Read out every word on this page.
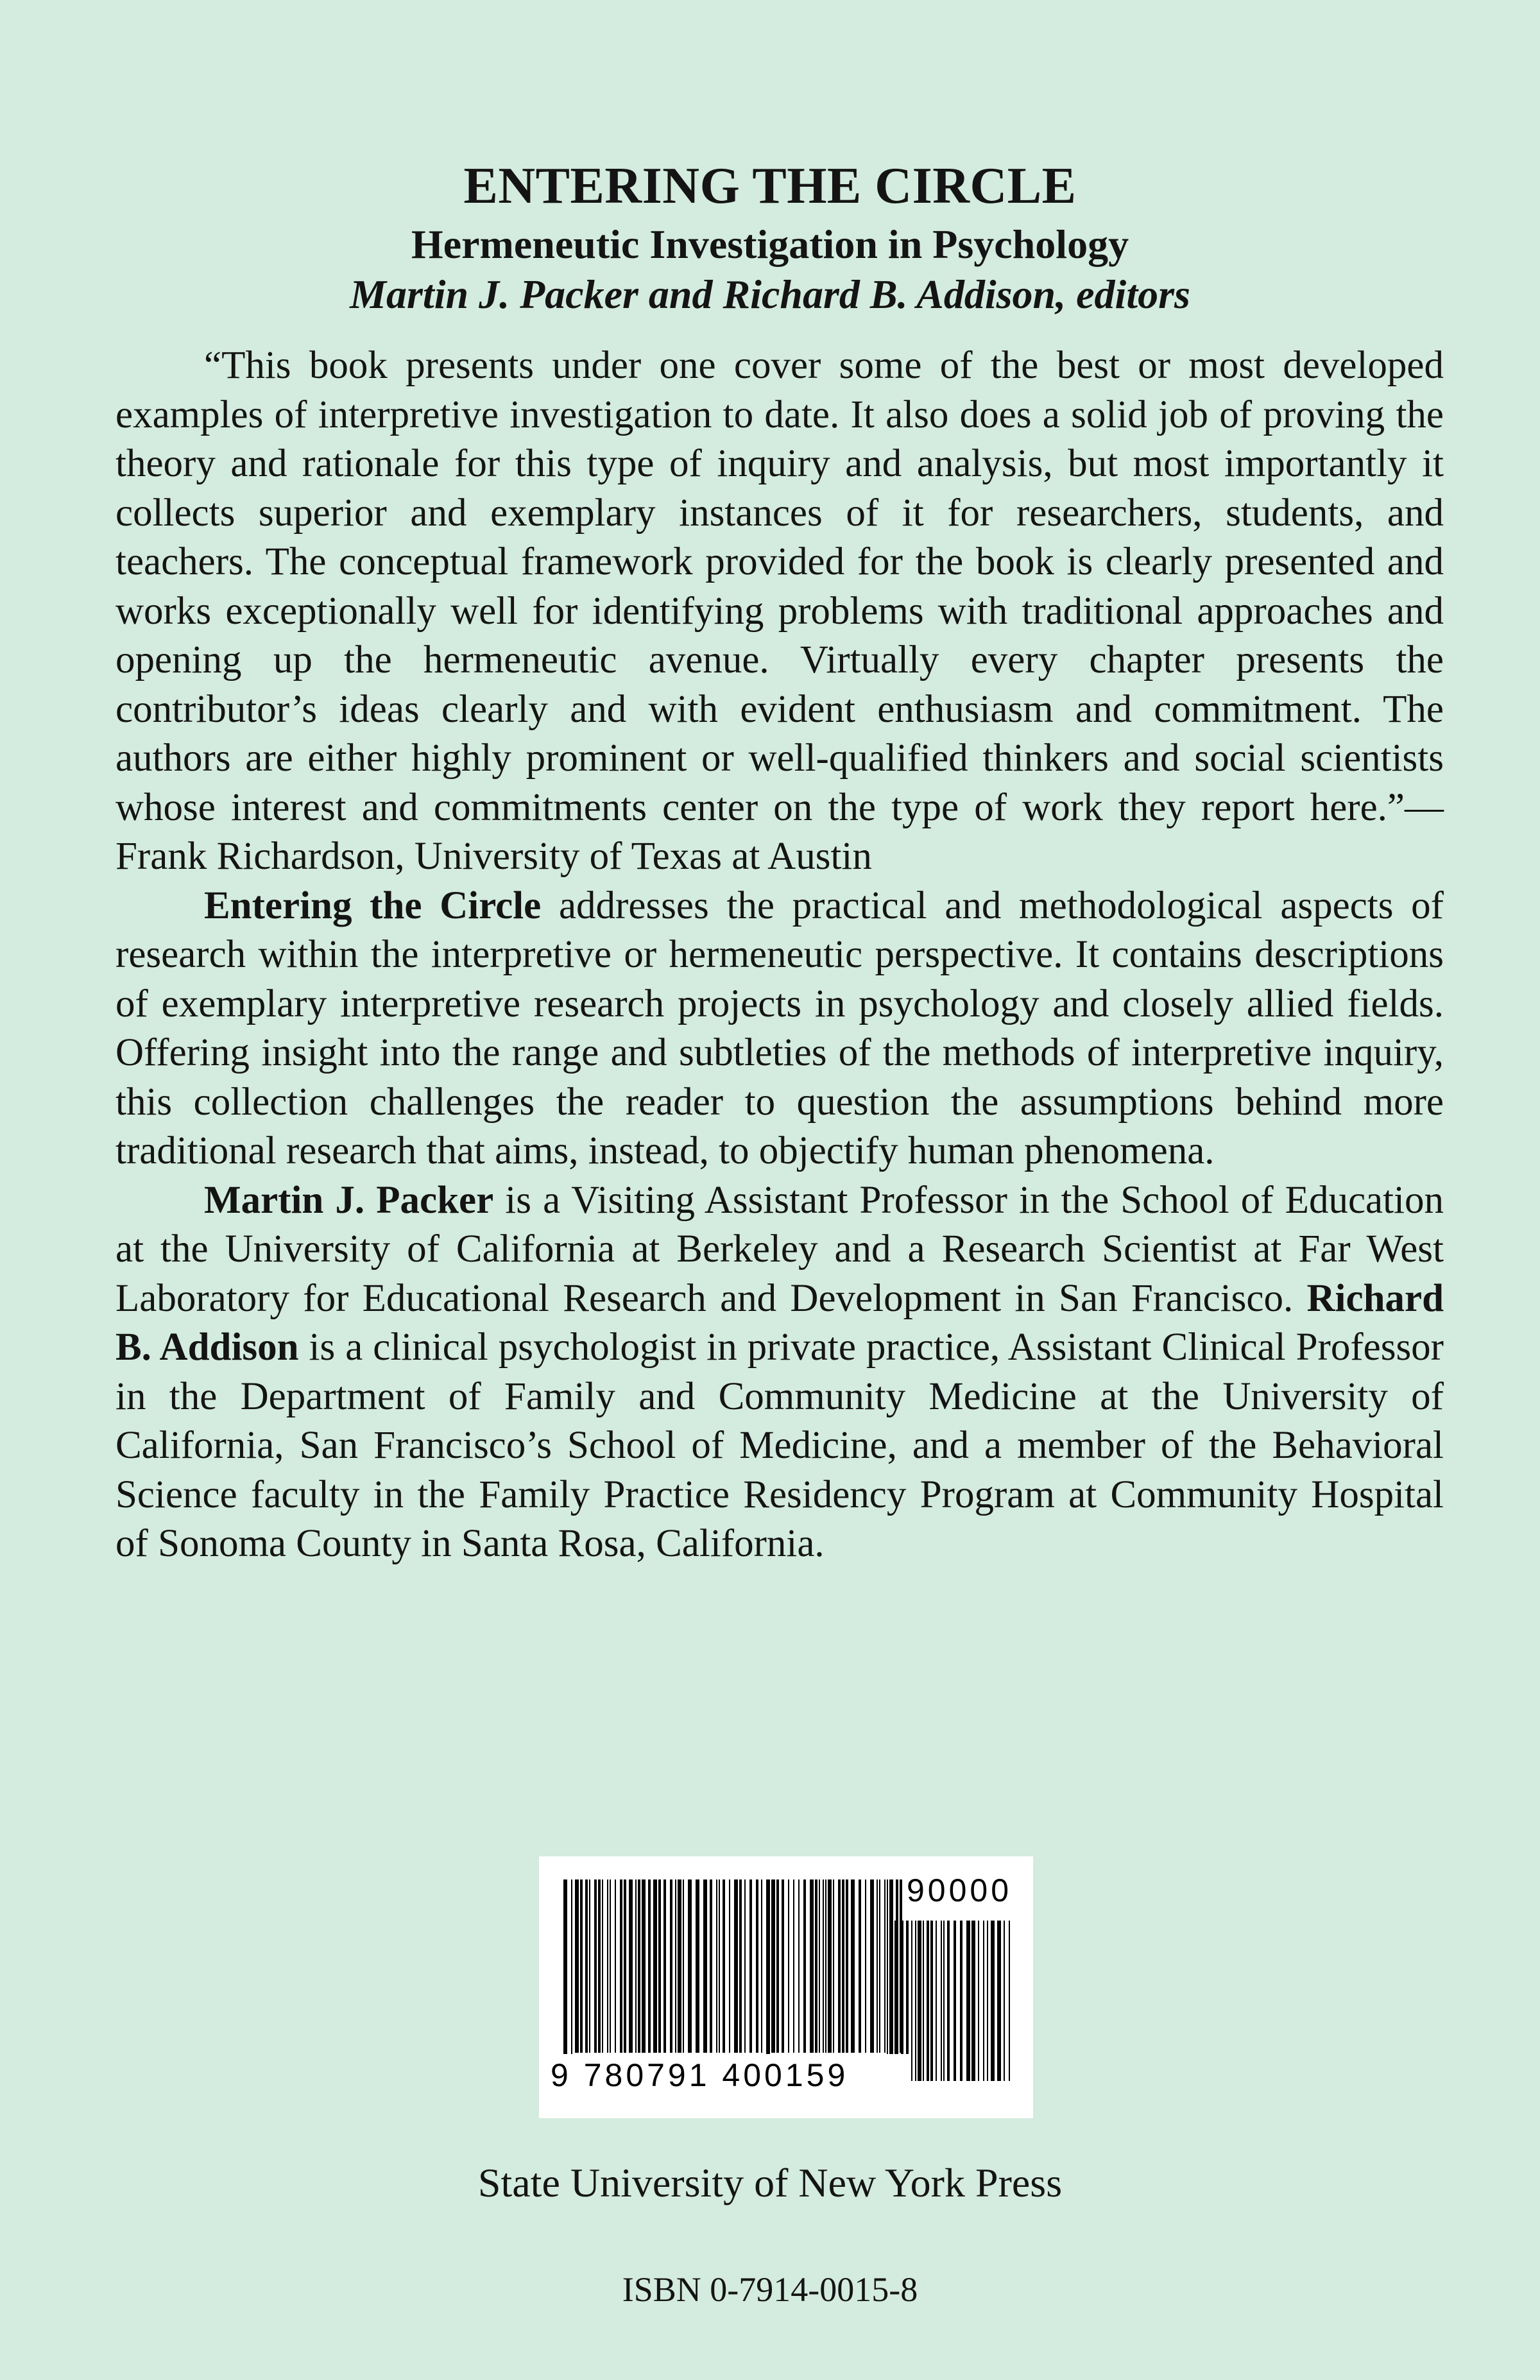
ENTERING THE CIRCLE
Hermeneutic Investigation in Psychology
Martin J. Packer and Richard B. Addison, editors

“This book presents under one cover some of the best or most developed examples of interpretive investigation to date. It also does a solid job of proving the theory and rationale for this type of inquiry and analysis, but most importantly it collects superior and exemplary instances of it for researchers, students, and teachers. The conceptual framework provided for the book is clearly presented and works exceptionally well for identifying problems with traditional approaches and opening up the hermeneutic avenue. Virtually every chapter presents the contributor’s ideas clearly and with evident enthusiasm and commitment. The authors are either highly prominent or well-qualified thinkers and social scientists whose interest and commitments center on the type of work they report here.”—Frank Richardson, University of Texas at Austin

Entering the Circle addresses the practical and methodological aspects of research within the interpretive or hermeneutic perspective. It contains descriptions of exemplary interpretive research projects in psychology and closely allied fields. Offering insight into the range and subtleties of the methods of interpretive inquiry, this collection challenges the reader to question the assumptions behind more traditional research that aims, instead, to objectify human phenomena.

Martin J. Packer is a Visiting Assistant Professor in the School of Education at the University of California at Berkeley and a Research Scientist at Far West Laboratory for Educational Research and Development in San Francisco. Richard B. Addison is a clinical psychologist in private practice, Assistant Clinical Professor in the Department of Family and Community Medicine at the University of California, San Francisco’s School of Medicine, and a member of the Behavioral Science faculty in the Family Practice Residency Program at Community Hospital of Sonoma County in Santa Rosa, California.

90000
9 780791 400159
State University of New York Press
ISBN 0-7914-0015-8
